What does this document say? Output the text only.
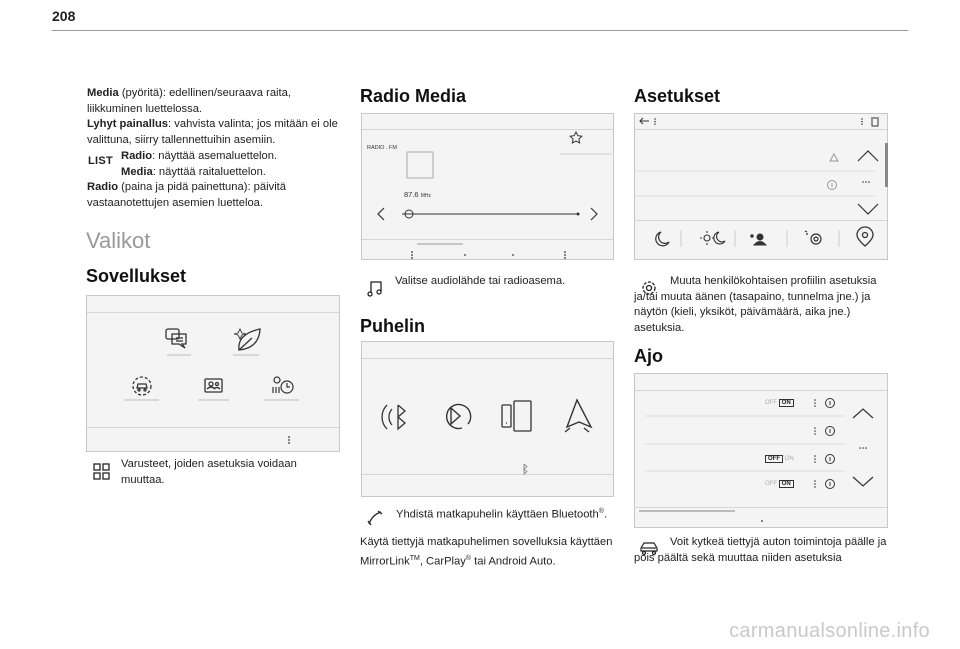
208
Media (pyöritä): edellinen/seuraava raita, liikkuminen luettelossa.
Lyhyt painallus: vahvista valinta; jos mitään ei ole valittuna, siirry tallennettuihin asemiin.
LIST Radio: näyttää asemaluettelon.
Media: näyttää raitaluettelon.
Radio (paina ja pidä painettuna): päivitä vastaanotettujen asemien luetteloa.
Valikot
Sovellukset
Varusteet, joiden asetuksia voidaan muuttaa.
Radio Media
RADIO . FM
87.6 MHz
Valitse audiolähde tai radioasema.
Puhelin
Yhdistä matkapuhelin käyttäen Bluetooth®.
Käytä tiettyjä matkapuhelimen sovelluksia käyttäen MirrorLink™, CarPlay® tai Android Auto.
Asetukset
Muuta henkilökohtaisen profiilin asetuksia ja/tai muuta äänen (tasapaino, tunnelma jne.) ja näytön (kieli, yksiköt, päivämäärä, aika jne.) asetuksia.
Ajo
OFF ON
OFF ON
OFF ON
Voit kytkeä tiettyjä auton toimintoja päälle ja pois päältä sekä muuttaa niiden asetuksia
carmanualsonline.info
